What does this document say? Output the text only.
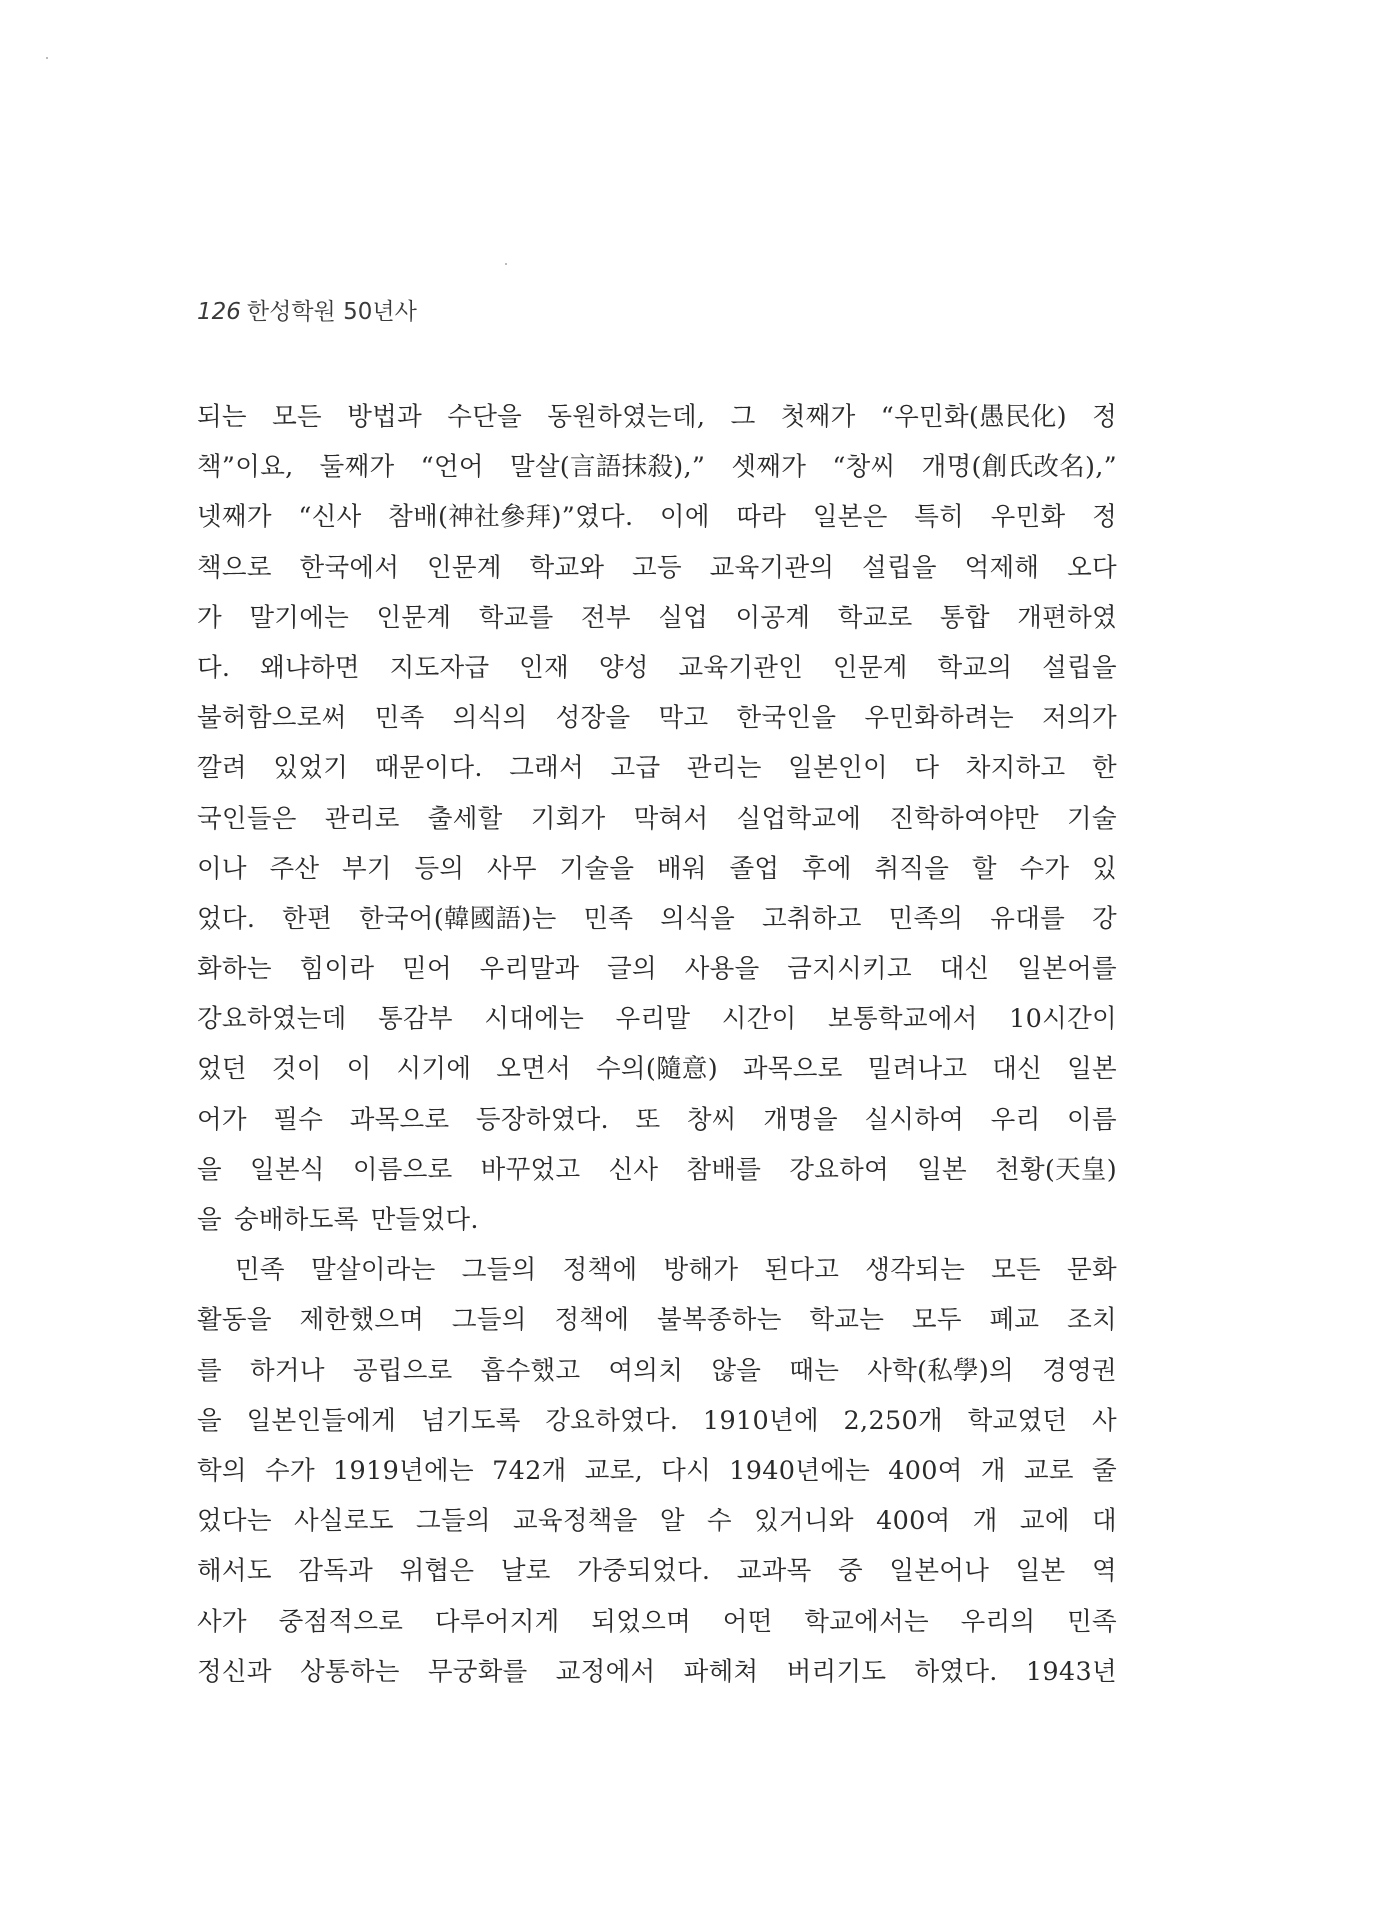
126 한성학원 50년사
되는 모든 방법과 수단을 동원하였는데, 그 첫째가 “우민화(愚民化) 정
책”이요, 둘째가 “언어 말살(言語抹殺),” 셋째가 “창씨 개명(創氏改名),”
넷째가 “신사 참배(神社參拜)”였다. 이에 따라 일본은 특히 우민화 정
책으로 한국에서 인문계 학교와 고등 교육기관의 설립을 억제해 오다
가 말기에는 인문계 학교를 전부 실업 이공계 학교로 통합 개편하였
다. 왜냐하면 지도자급 인재 양성 교육기관인 인문계 학교의 설립을
불허함으로써 민족 의식의 성장을 막고 한국인을 우민화하려는 저의가
깔려 있었기 때문이다. 그래서 고급 관리는 일본인이 다 차지하고 한
국인들은 관리로 출세할 기회가 막혀서 실업학교에 진학하여야만 기술
이나 주산 부기 등의 사무 기술을 배워 졸업 후에 취직을 할 수가 있
었다. 한편 한국어(韓國語)는 민족 의식을 고취하고 민족의 유대를 강
화하는 힘이라 믿어 우리말과 글의 사용을 금지시키고 대신 일본어를
강요하였는데 통감부 시대에는 우리말 시간이 보통학교에서 10시간이
었던 것이 이 시기에 오면서 수의(隨意) 과목으로 밀려나고 대신 일본
어가 필수 과목으로 등장하였다. 또 창씨 개명을 실시하여 우리 이름
을 일본식 이름으로 바꾸었고 신사 참배를 강요하여 일본 천황(天皇)
을 숭배하도록 만들었다.
민족 말살이라는 그들의 정책에 방해가 된다고 생각되는 모든 문화
활동을 제한했으며 그들의 정책에 불복종하는 학교는 모두 폐교 조치
를 하거나 공립으로 흡수했고 여의치 않을 때는 사학(私學)의 경영권
을 일본인들에게 넘기도록 강요하였다. 1910년에 2,250개 학교였던 사
학의 수가 1919년에는 742개 교로, 다시 1940년에는 400여 개 교로 줄
었다는 사실로도 그들의 교육정책을 알 수 있거니와 400여 개 교에 대
해서도 감독과 위협은 날로 가중되었다. 교과목 중 일본어나 일본 역
사가 중점적으로 다루어지게 되었으며 어떤 학교에서는 우리의 민족
정신과 상통하는 무궁화를 교정에서 파헤쳐 버리기도 하였다. 1943년
